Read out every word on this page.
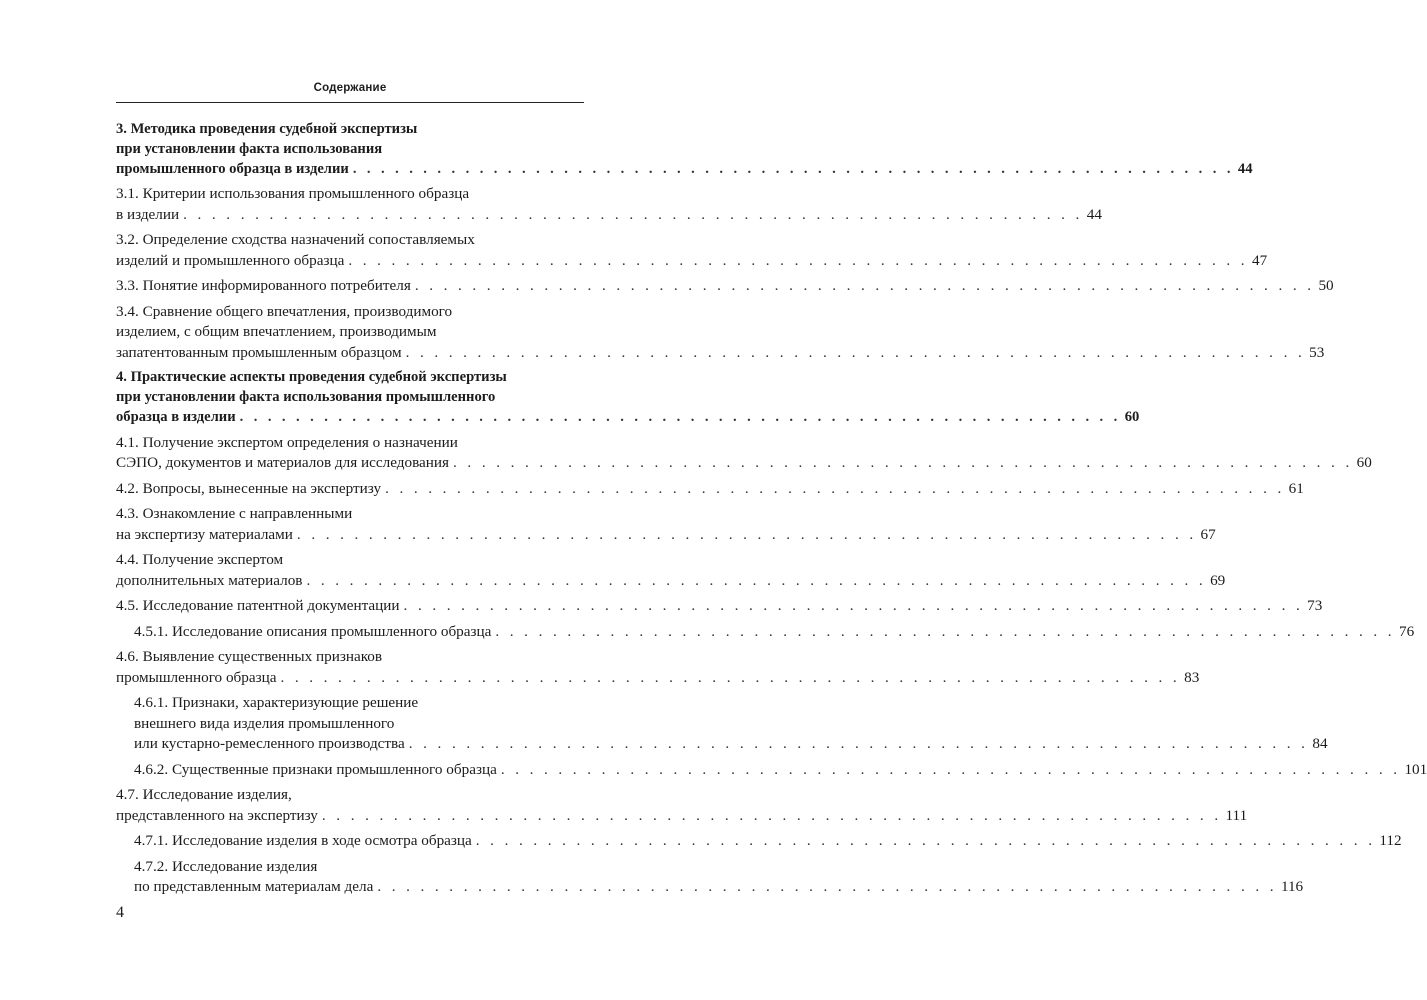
Содержание
3. Методика проведения судебной экспертизы
при установлении факта использования
промышленного образца в изделии . . . . . . . . . . . . . . . . . . . . . . . . . . . . . . . . . . . . . . . . . . . . . . . . . . . . . . . . . . . . . . . 44
3.1. Критерии использования промышленного образца
в изделии . . . . . . . . . . . . . . . . . . . . . . . . . . . . . . . . . . . . . . . . . . . . . . . . . . . . . . . . . . . . . . . 44
3.2. Определение сходства назначений сопоставляемых
изделий и промышленного образца . . . . . . . . . . . . . . . . . . . . . . . . . . . . . . . . . . . . . . . . . . . . . . . . . . . . . . . . . . . . . . . 47
3.3. Понятие информированного потребителя . . . . . . . . . . . . . . . . . . . . . . . . . . . . . . . . . . . . . . . . . . . . . . . . . . . . . . . . . . . . . . . 50
3.4. Сравнение общего впечатления, производимого
изделием, с общим впечатлением, производимым
запатентованным промышленным образцом . . . . . . . . . . . . . . . . . . . . . . . . . . . . . . . . . . . . . . . . . . . . . . . . . . . . . . . . . . . . . . . 53
4. Практические аспекты проведения судебной экспертизы
при установлении факта использования промышленного
образца в изделии . . . . . . . . . . . . . . . . . . . . . . . . . . . . . . . . . . . . . . . . . . . . . . . . . . . . . . . . . . . . . . . 60
4.1. Получение экспертом определения о назначении
СЭПО, документов и материалов для исследования . . . . . . . . . . . . . . . . . . . . . . . . . . . . . . . . . . . . . . . . . . . . . . . . . . . . . . . . . . . . . . . 60
4.2. Вопросы, вынесенные на экспертизу . . . . . . . . . . . . . . . . . . . . . . . . . . . . . . . . . . . . . . . . . . . . . . . . . . . . . . . . . . . . . . . 61
4.3. Ознакомление с направленными
на экспертизу материалами . . . . . . . . . . . . . . . . . . . . . . . . . . . . . . . . . . . . . . . . . . . . . . . . . . . . . . . . . . . . . . . 67
4.4. Получение экспертом
дополнительных материалов . . . . . . . . . . . . . . . . . . . . . . . . . . . . . . . . . . . . . . . . . . . . . . . . . . . . . . . . . . . . . . . 69
4.5. Исследование патентной документации . . . . . . . . . . . . . . . . . . . . . . . . . . . . . . . . . . . . . . . . . . . . . . . . . . . . . . . . . . . . . . . 73
4.5.1. Исследование описания промышленного образца . . . . . . . . . . . . . . . . . . . . . . . . . . . . . . . . . . . . . . . . . . . . . . . . . . . . . . . . . . . . . . . 76
4.6. Выявление существенных признаков
промышленного образца . . . . . . . . . . . . . . . . . . . . . . . . . . . . . . . . . . . . . . . . . . . . . . . . . . . . . . . . . . . . . . . 83
4.6.1. Признаки, характеризующие решение
внешнего вида изделия промышленного
или кустарно-ремесленного производства . . . . . . . . . . . . . . . . . . . . . . . . . . . . . . . . . . . . . . . . . . . . . . . . . . . . . . . . . . . . . . . 84
4.6.2. Существенные признаки промышленного образца . . . . . . . . . . . . . . . . . . . . . . . . . . . . . . . . . . . . . . . . . . . . . . . . . . . . . . . . . . . . . . . 101
4.7. Исследование изделия,
представленного на экспертизу . . . . . . . . . . . . . . . . . . . . . . . . . . . . . . . . . . . . . . . . . . . . . . . . . . . . . . . . . . . . . . . 111
4.7.1. Исследование изделия в ходе осмотра образца . . . . . . . . . . . . . . . . . . . . . . . . . . . . . . . . . . . . . . . . . . . . . . . . . . . . . . . . . . . . . . . 112
4.7.2. Исследование изделия
по представленным материалам дела . . . . . . . . . . . . . . . . . . . . . . . . . . . . . . . . . . . . . . . . . . . . . . . . . . . . . . . . . . . . . . . 116
4
